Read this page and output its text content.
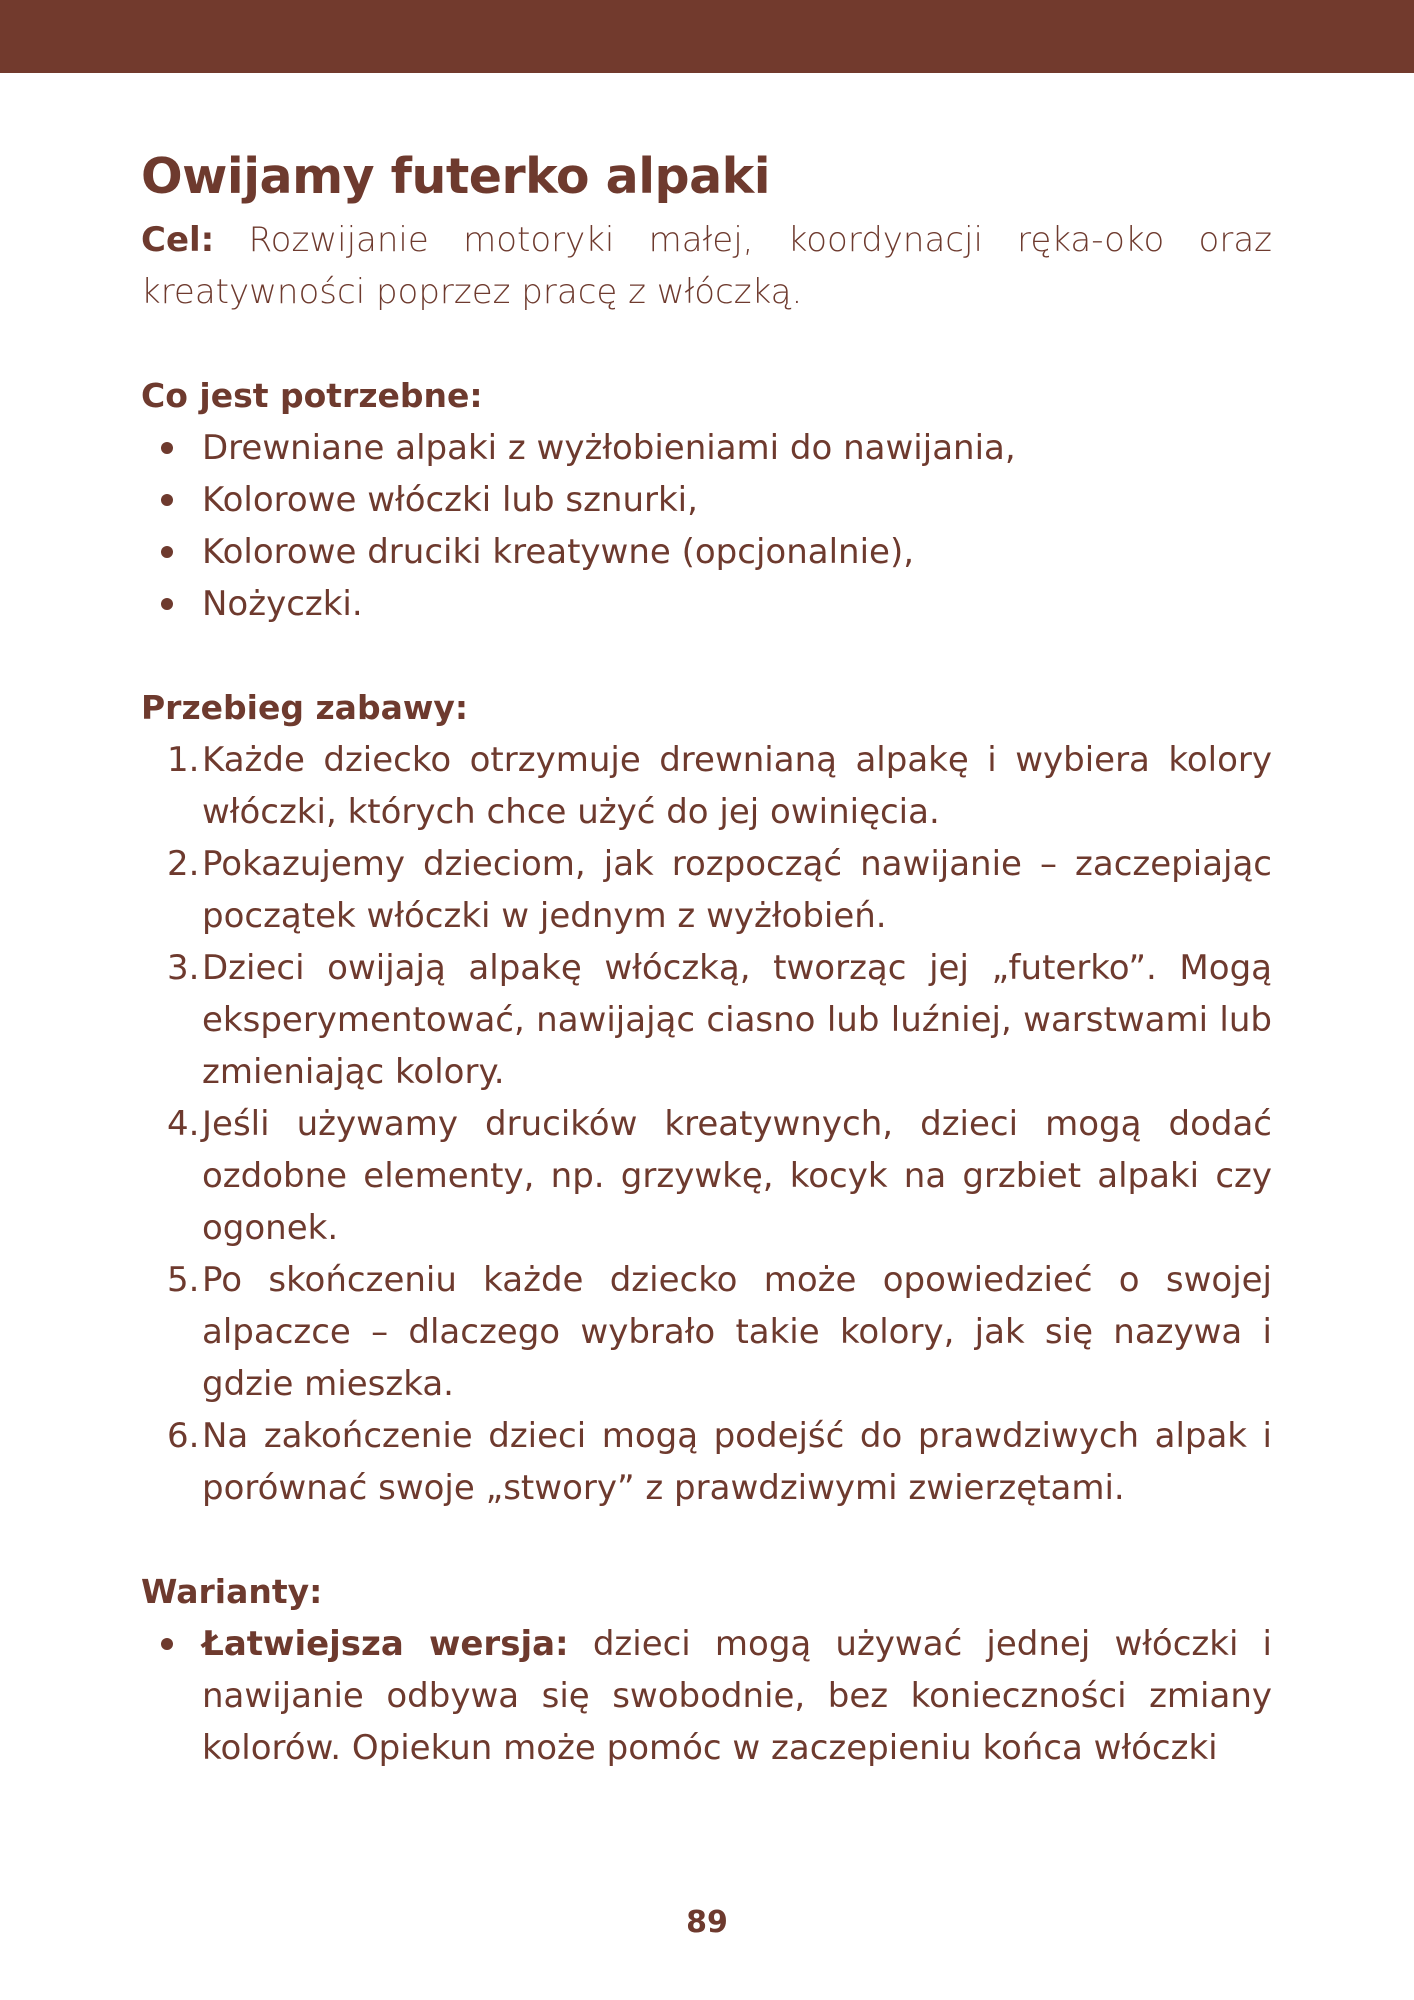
Owijamy futerko alpaki

Cel: Rozwijanie motoryki małej, koordynacji ręka-oko oraz kreatywności poprzez pracę z włóczką.

Co jest potrzebne:
Drewniane alpaki z wyżłobieniami do nawijania,
Kolorowe włóczki lub sznurki,
Kolorowe druciki kreatywne (opcjonalnie),
Nożyczki.
Przebieg zabawy:
1. Każde dziecko otrzymuje drewnianą alpakę i wybiera kolory włóczki, których chce użyć do jej owinięcia.
2. Pokazujemy dzieciom, jak rozpocząć nawijanie – zaczepiając początek włóczki w jednym z wyżłobień.
3. Dzieci owijają alpakę włóczką, tworząc jej „futerko”. Mogą eksperymentować, nawijając ciasno lub luźniej, warstwami lub zmieniając kolory.
4. Jeśli używamy drucików kreatywnych, dzieci mogą dodać ozdobne elementy, np. grzywkę, kocyk na grzbiet alpaki czy ogonek.
5. Po skończeniu każde dziecko może opowiedzieć o swojej alpaczce – dlaczego wybrało takie kolory, jak się nazywa i gdzie mieszka.
6. Na zakończenie dzieci mogą podejść do prawdziwych alpak i porównać swoje „stwory” z prawdziwymi zwierzętami.
Warianty:
Łatwiejsza wersja: dzieci mogą używać jednej włóczki i nawijanie odbywa się swobodnie, bez konieczności zmiany kolorów. Opiekun może pomóc w zaczepieniu końca włóczki
89
